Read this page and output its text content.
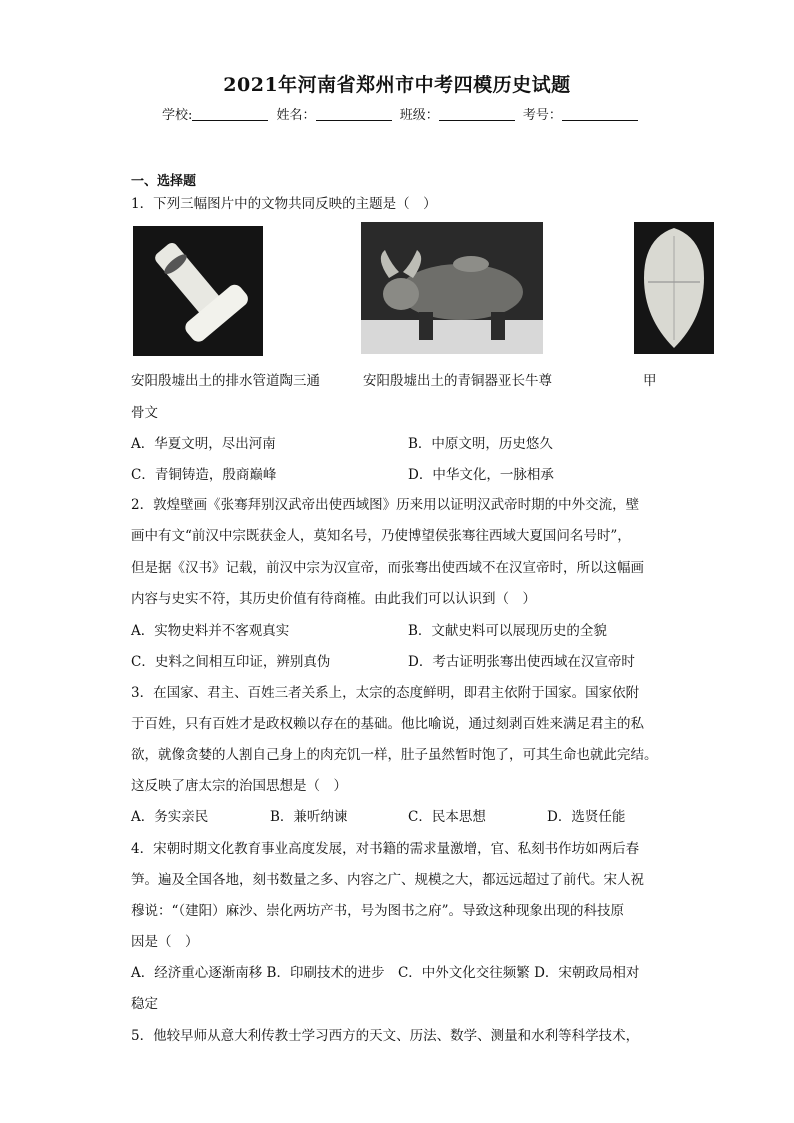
2021年河南省郑州市中考四模历史试题
学校:	姓名：	班级：	考号：
一、选择题
1．下列三幅图片中的文物共同反映的主题是（　）
安阳殷墟出土的排水管道陶三通	安阳殷墟出土的青铜器亚长牛尊	甲
骨文
A．华夏文明，尽出河南	B．中原文明，历史悠久
C．青铜铸造，殷商巅峰	D．中华文化，一脉相承
2．敦煌壁画《张骞拜别汉武帝出使西域图》历来用以证明汉武帝时期的中外交流，壁
画中有文“前汉中宗既获金人，莫知名号，乃使博望侯张骞往西域大夏国问名号时”，
但是据《汉书》记载，前汉中宗为汉宣帝，而张骞出使西域不在汉宣帝时，所以这幅画
内容与史实不符，其历史价值有待商榷。由此我们可以认识到（　）
A．实物史料并不客观真实	B．文献史料可以展现历史的全貌
C．史料之间相互印证，辨别真伪	D．考古证明张骞出使西域在汉宣帝时
3．在国家、君主、百姓三者关系上，太宗的态度鲜明，即君主依附于国家。国家依附
于百姓，只有百姓才是政权赖以存在的基础。他比喻说，通过刻剥百姓来满足君主的私
欲，就像贪婪的人割自己身上的肉充饥一样，肚子虽然暂时饱了，可其生命也就此完结。
这反映了唐太宗的治国思想是（　）
A．务实亲民	B．兼听纳谏	C．民本思想	D．选贤任能
4．宋朝时期文化教育事业高度发展，对书籍的需求量激增，官、私刻书作坊如两后春
笋。遍及全国各地，刻书数量之多、内容之广、规模之大，都远远超过了前代。宋人祝
穆说：“（建阳）麻沙、崇化两坊产书，号为图书之府”。导致这种现象出现的科技原
因是（　）
A．经济重心逐渐南移 B．印刷技术的进步　C．中外文化交往频繁 D．宋朝政局相对
稳定
5．他较早师从意大利传教士学习西方的天文、历法、数学、测量和水利等科学技术，
